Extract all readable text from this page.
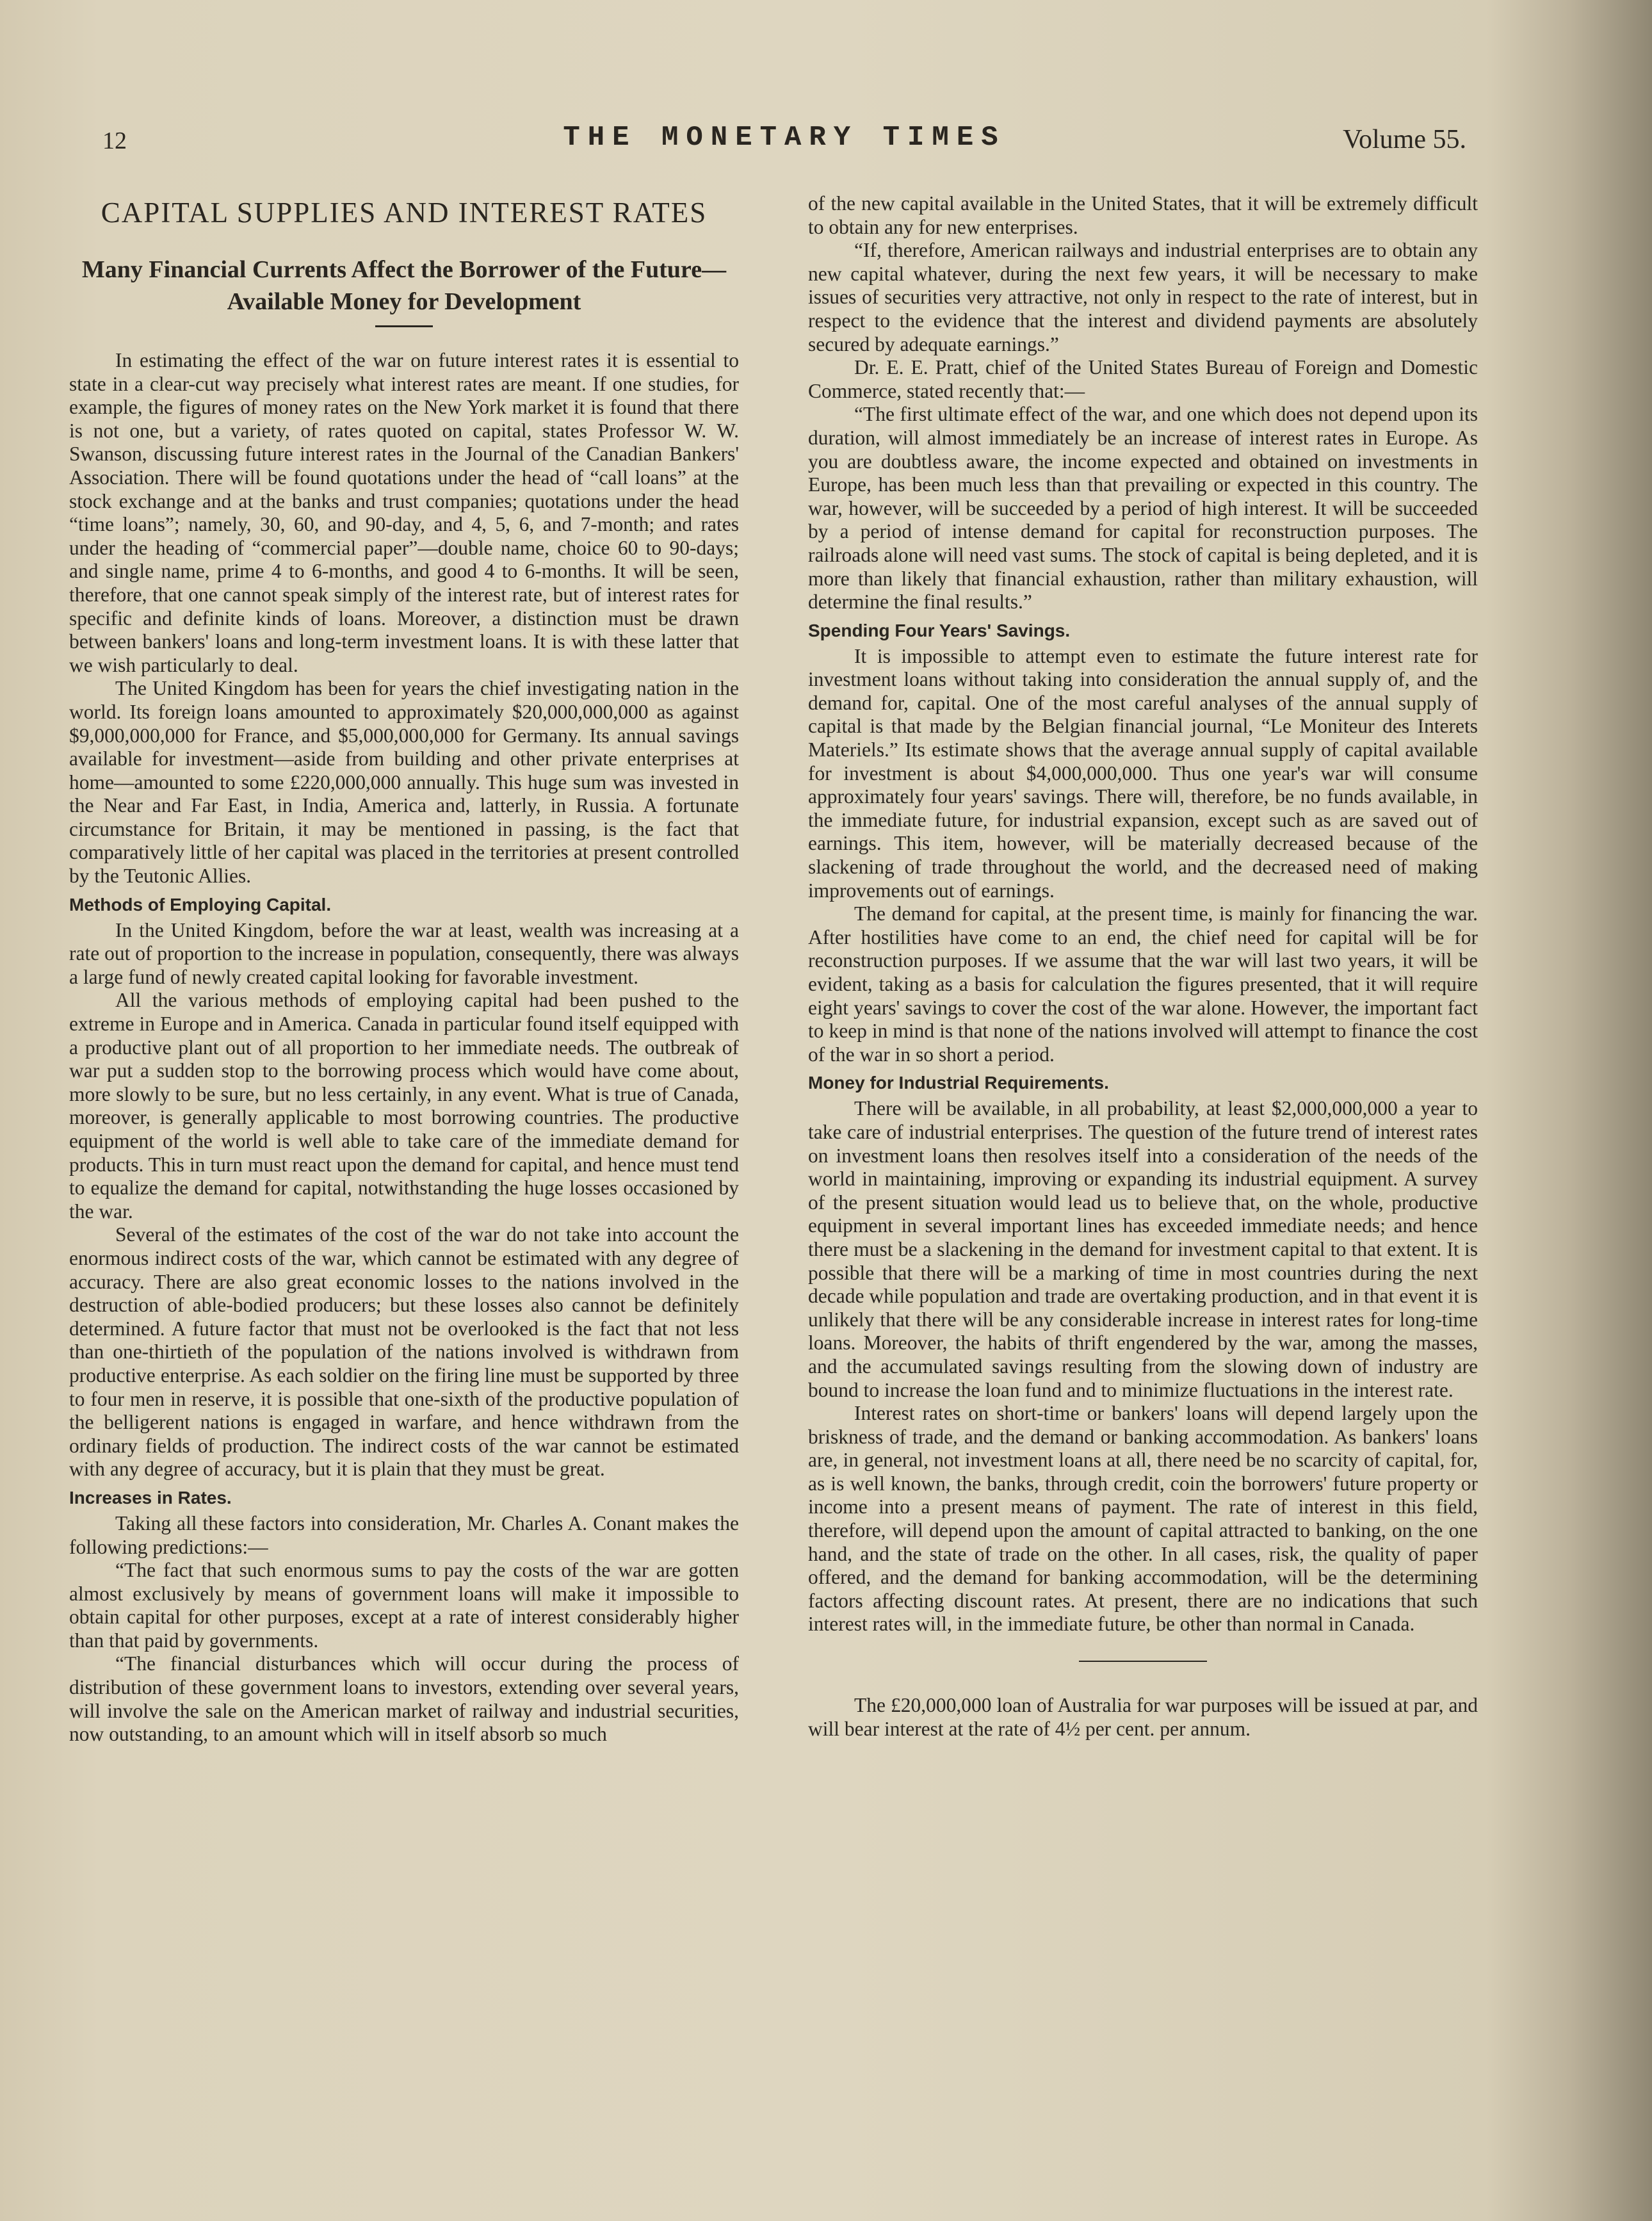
12	THE MONETARY TIMES	Volume 55.
CAPITAL SUPPLIES AND INTEREST RATES
Many Financial Currents Affect the Borrower of the Future—Available Money for Development

In estimating the effect of the war on future interest rates it is essential to state in a clear-cut way precisely what interest rates are meant. If one studies, for example, the figures of money rates on the New York market it is found that there is not one, but a variety, of rates quoted on capital, states Professor W. W. Swanson, discussing future interest rates in the Journal of the Canadian Bankers' Association. There will be found quotations under the head of “call loans” at the stock exchange and at the banks and trust companies; quotations under the head “time loans”; namely, 30, 60, and 90-day, and 4, 5, 6, and 7-month; and rates under the heading of “commercial paper”—double name, choice 60 to 90-days; and single name, prime 4 to 6-months, and good 4 to 6-months. It will be seen, therefore, that one cannot speak simply of the interest rate, but of interest rates for specific and definite kinds of loans. Moreover, a distinction must be drawn between bankers' loans and long-term investment loans. It is with these latter that we wish particularly to deal.

The United Kingdom has been for years the chief investigating nation in the world. Its foreign loans amounted to approximately $20,000,000,000 as against $9,000,000,000 for France, and $5,000,000,000 for Germany. Its annual savings available for investment—aside from building and other private enterprises at home—amounted to some £220,000,000 annually. This huge sum was invested in the Near and Far East, in India, America and, latterly, in Russia. A fortunate circumstance for Britain, it may be mentioned in passing, is the fact that comparatively little of her capital was placed in the territories at present controlled by the Teutonic Allies.

Methods of Employing Capital.

In the United Kingdom, before the war at least, wealth was increasing at a rate out of proportion to the increase in population, consequently, there was always a large fund of newly created capital looking for favorable investment.

All the various methods of employing capital had been pushed to the extreme in Europe and in America. Canada in particular found itself equipped with a productive plant out of all proportion to her immediate needs. The outbreak of war put a sudden stop to the borrowing process which would have come about, more slowly to be sure, but no less certainly, in any event. What is true of Canada, moreover, is generally applicable to most borrowing countries. The productive equipment of the world is well able to take care of the immediate demand for products. This in turn must react upon the demand for capital, and hence must tend to equalize the demand for capital, notwithstanding the huge losses occasioned by the war.

Several of the estimates of the cost of the war do not take into account the enormous indirect costs of the war, which cannot be estimated with any degree of accuracy. There are also great economic losses to the nations involved in the destruction of able-bodied producers; but these losses also cannot be definitely determined. A future factor that must not be overlooked is the fact that not less than one-thirtieth of the population of the nations involved is withdrawn from productive enterprise. As each soldier on the firing line must be supported by three to four men in reserve, it is possible that one-sixth of the productive population of the belligerent nations is engaged in warfare, and hence withdrawn from the ordinary fields of production. The indirect costs of the war cannot be estimated with any degree of accuracy, but it is plain that they must be great.

Increases in Rates.

Taking all these factors into consideration, Mr. Charles A. Conant makes the following predictions:—

“The fact that such enormous sums to pay the costs of the war are gotten almost exclusively by means of government loans will make it impossible to obtain capital for other purposes, except at a rate of interest considerably higher than that paid by governments.

“The financial disturbances which will occur during the process of distribution of these government loans to investors, extending over several years, will involve the sale on the American market of railway and industrial securities, now outstanding, to an amount which will in itself absorb so much

of the new capital available in the United States, that it will be extremely difficult to obtain any for new enterprises.

“If, therefore, American railways and industrial enterprises are to obtain any new capital whatever, during the next few years, it will be necessary to make issues of securities very attractive, not only in respect to the rate of interest, but in respect to the evidence that the interest and dividend payments are absolutely secured by adequate earnings.”

Dr. E. E. Pratt, chief of the United States Bureau of Foreign and Domestic Commerce, stated recently that:—

“The first ultimate effect of the war, and one which does not depend upon its duration, will almost immediately be an increase of interest rates in Europe. As you are doubtless aware, the income expected and obtained on investments in Europe, has been much less than that prevailing or expected in this country. The war, however, will be succeeded by a period of high interest. It will be succeeded by a period of intense demand for capital for reconstruction purposes. The railroads alone will need vast sums. The stock of capital is being depleted, and it is more than likely that financial exhaustion, rather than military exhaustion, will determine the final results.”

Spending Four Years' Savings.

It is impossible to attempt even to estimate the future interest rate for investment loans without taking into consideration the annual supply of, and the demand for, capital. One of the most careful analyses of the annual supply of capital is that made by the Belgian financial journal, “Le Moniteur des Interets Materiels.” Its estimate shows that the average annual supply of capital available for investment is about $4,000,000,000. Thus one year's war will consume approximately four years' savings. There will, therefore, be no funds available, in the immediate future, for industrial expansion, except such as are saved out of earnings. This item, however, will be materially decreased because of the slackening of trade throughout the world, and the decreased need of making improvements out of earnings.

The demand for capital, at the present time, is mainly for financing the war. After hostilities have come to an end, the chief need for capital will be for reconstruction purposes. If we assume that the war will last two years, it will be evident, taking as a basis for calculation the figures presented, that it will require eight years' savings to cover the cost of the war alone. However, the important fact to keep in mind is that none of the nations involved will attempt to finance the cost of the war in so short a period.

Money for Industrial Requirements.

There will be available, in all probability, at least $2,000,000,000 a year to take care of industrial enterprises. The question of the future trend of interest rates on investment loans then resolves itself into a consideration of the needs of the world in maintaining, improving or expanding its industrial equipment. A survey of the present situation would lead us to believe that, on the whole, productive equipment in several important lines has exceeded immediate needs; and hence there must be a slackening in the demand for investment capital to that extent. It is possible that there will be a marking of time in most countries during the next decade while population and trade are overtaking production, and in that event it is unlikely that there will be any considerable increase in interest rates for long-time loans. Moreover, the habits of thrift engendered by the war, among the masses, and the accumulated savings resulting from the slowing down of industry are bound to increase the loan fund and to minimize fluctuations in the interest rate.

Interest rates on short-time or bankers' loans will depend largely upon the briskness of trade, and the demand or banking accommodation. As bankers' loans are, in general, not investment loans at all, there need be no scarcity of capital, for, as is well known, the banks, through credit, coin the borrowers' future property or income into a present means of payment. The rate of interest in this field, therefore, will depend upon the amount of capital attracted to banking, on the one hand, and the state of trade on the other. In all cases, risk, the quality of paper offered, and the demand for banking accommodation, will be the determining factors affecting discount rates. At present, there are no indications that such interest rates will, in the immediate future, be other than normal in Canada.

The £20,000,000 loan of Australia for war purposes will be issued at par, and will bear interest at the rate of 4½ per cent. per annum.
